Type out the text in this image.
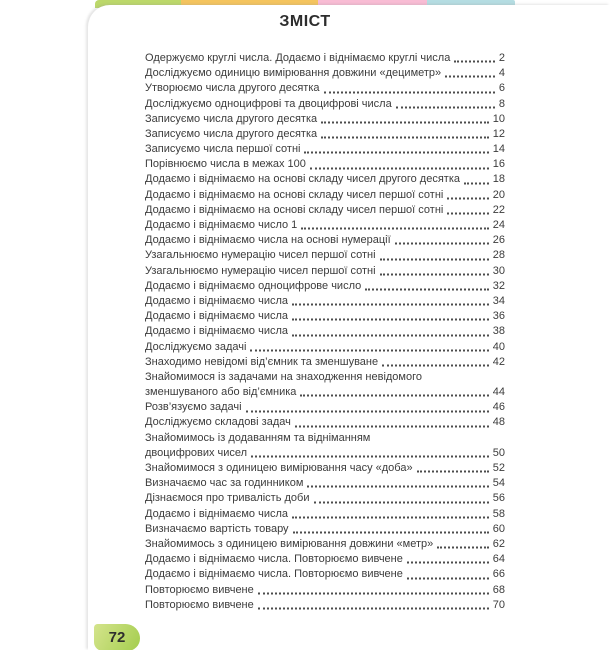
ЗМІСТ
Одержуємо круглі числа. Додаємо і віднімаємо круглі числа	2
Досліджуємо одиницю вимірювання довжини «дециметр»	4
Утворюємо числа другого десятка	6
Досліджуємо одноцифрові та двоцифрові числа	8
Записуємо числа другого десятка	10
Записуємо числа другого десятка	12
Записуємо числа першої сотні	14
Порівнюємо числа в межах 100	16
Додаємо і віднімаємо на основі складу чисел другого десятка	18
Додаємо і віднімаємо на основі складу чисел першої сотні	20
Додаємо і віднімаємо на основі складу чисел першої сотні	22
Додаємо і віднімаємо число 1	24
Додаємо і віднімаємо числа на основі нумерації	26
Узагальнюємо нумерацію чисел першої сотні	28
Узагальнюємо нумерацію чисел першої сотні	30
Додаємо і віднімаємо одноцифрове число	32
Додаємо і віднімаємо числа	34
Додаємо і віднімаємо числа	36
Додаємо і віднімаємо числа	38
Досліджуємо задачі	40
Знаходимо невідомі від’ємник та зменшуване	42
Знайомимося із задачами на знаходження невідомого
зменшуваного або від’ємника	44
Розв’язуємо задачі	46
Досліджуємо складові задач	48
Знайомимось із додаванням та відніманням
двоцифрових чисел	50
Знайомимося з одиницею вимірювання часу «доба»	52
Визначаємо час за годинником	54
Дізнаємося про тривалість доби	56
Додаємо і віднімаємо числа	58
Визначаємо вартість товару	60
Знайомимось з одиницею вимірювання довжини «метр»	62
Додаємо і віднімаємо числа. Повторюємо вивчене	64
Додаємо і віднімаємо числа. Повторюємо вивчене	66
Повторюємо вивчене	68
Повторюємо вивчене	70
72
